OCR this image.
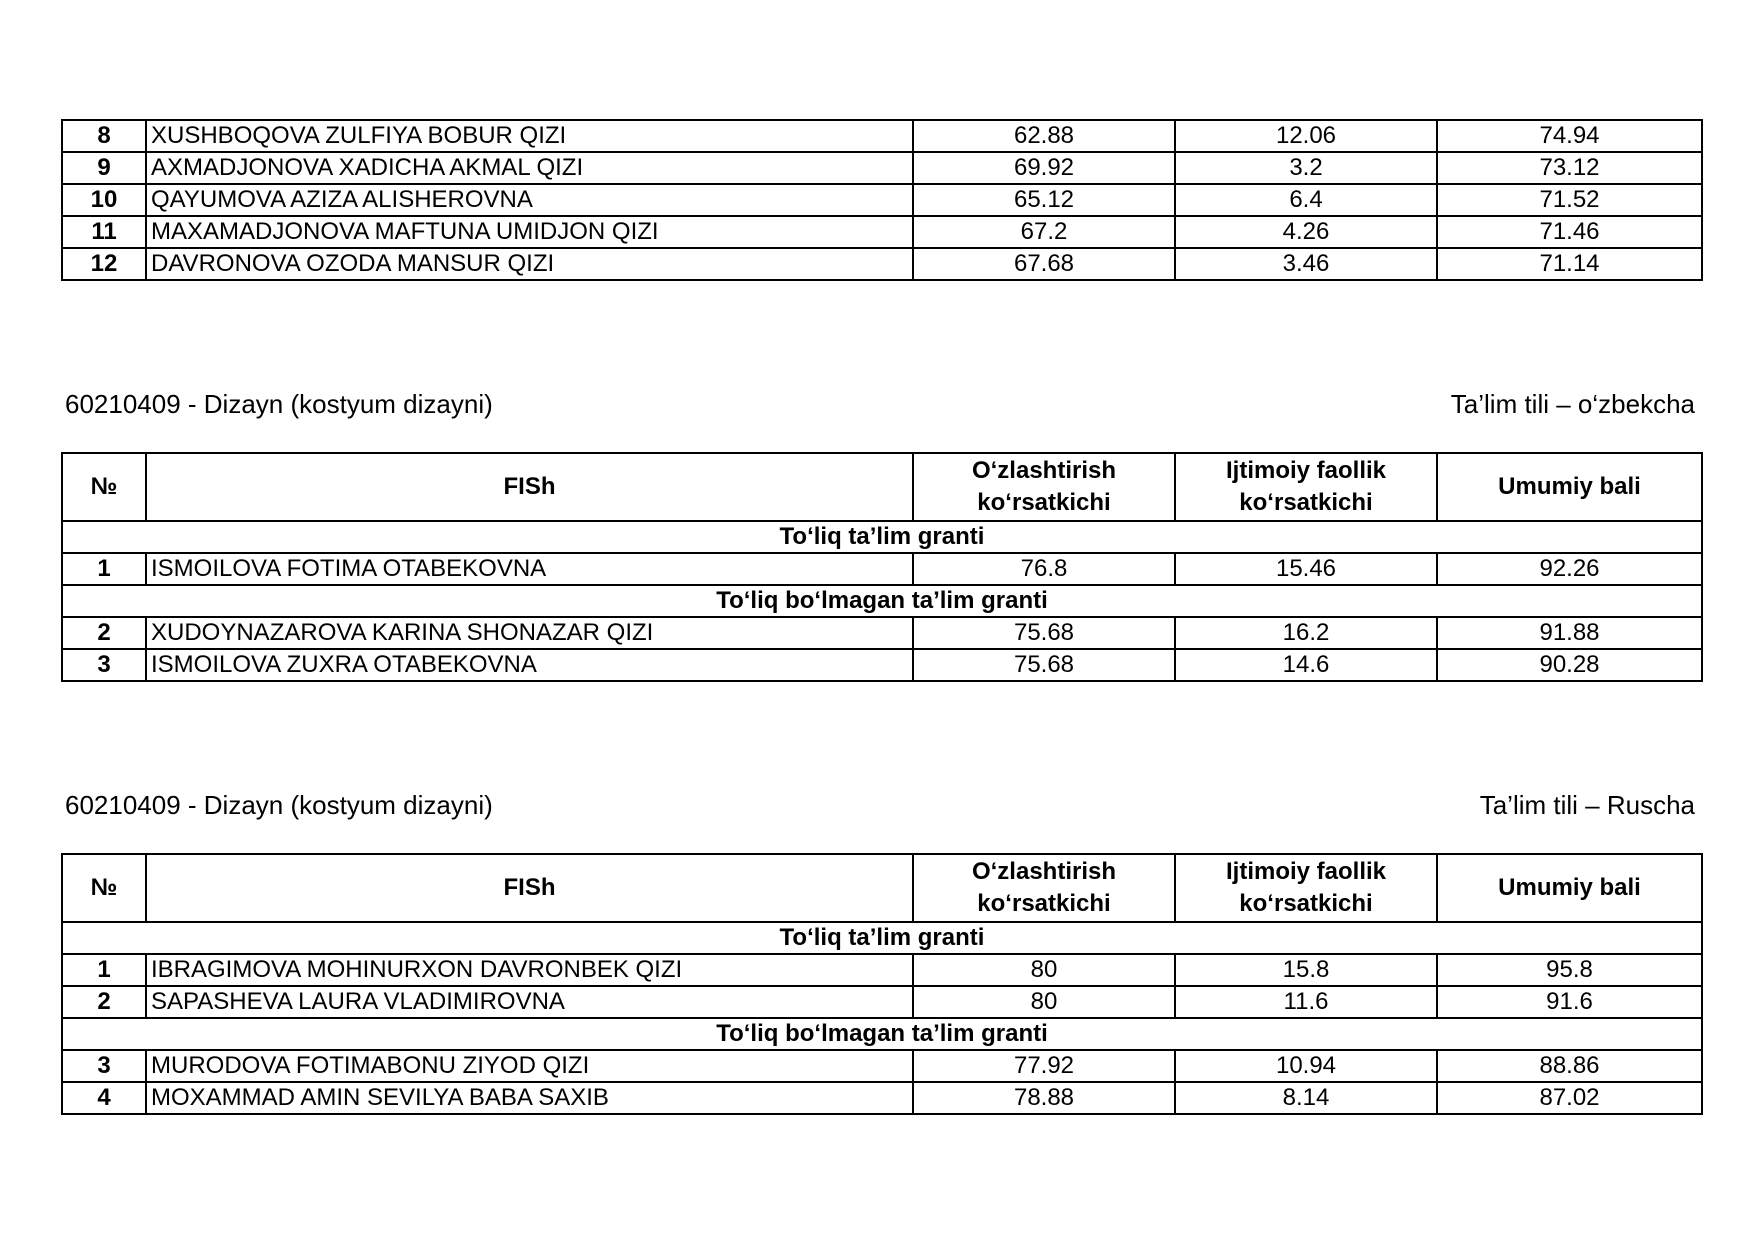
8	XUSHBOQOVA ZULFIYA BOBUR QIZI	62.88	12.06	74.94
9	AXMADJONOVA XADICHA AKMAL QIZI	69.92	3.2	73.12
10	QAYUMOVA AZIZA ALISHEROVNA	65.12	6.4	71.52
11	MAXAMADJONOVA MAFTUNA UMIDJON QIZI	67.2	4.26	71.46
12	DAVRONOVA OZODA MANSUR QIZI	67.68	3.46	71.14
60210409 - Dizayn (kostyum dizayni)	Ta’lim tili – o‘zbekcha
№	FISh	O‘zlashtirish ko‘rsatkichi	Ijtimoiy faollik ko‘rsatkichi	Umumiy bali
To‘liq ta’lim granti				
1	ISMOILOVA FOTIMA OTABEKOVNA	76.8	15.46	92.26
To‘liq bo‘lmagan ta’lim granti				
2	XUDOYNAZAROVA KARINA SHONAZAR QIZI	75.68	16.2	91.88
3	ISMOILOVA ZUXRA OTABEKOVNA	75.68	14.6	90.28
60210409 - Dizayn (kostyum dizayni)	Ta’lim tili – Ruscha
№	FISh	O‘zlashtirish ko‘rsatkichi	Ijtimoiy faollik ko‘rsatkichi	Umumiy bali
To‘liq ta’lim granti				
1	IBRAGIMOVA MOHINURXON DAVRONBEK QIZI	80	15.8	95.8
2	SAPASHEVA LAURA VLADIMIROVNA	80	11.6	91.6
To‘liq bo‘lmagan ta’lim granti				
3	MURODOVA FOTIMABONU ZIYOD QIZI	77.92	10.94	88.86
4	MOXAMMAD AMIN SEVILYA BABA SAXIB	78.88	8.14	87.02
